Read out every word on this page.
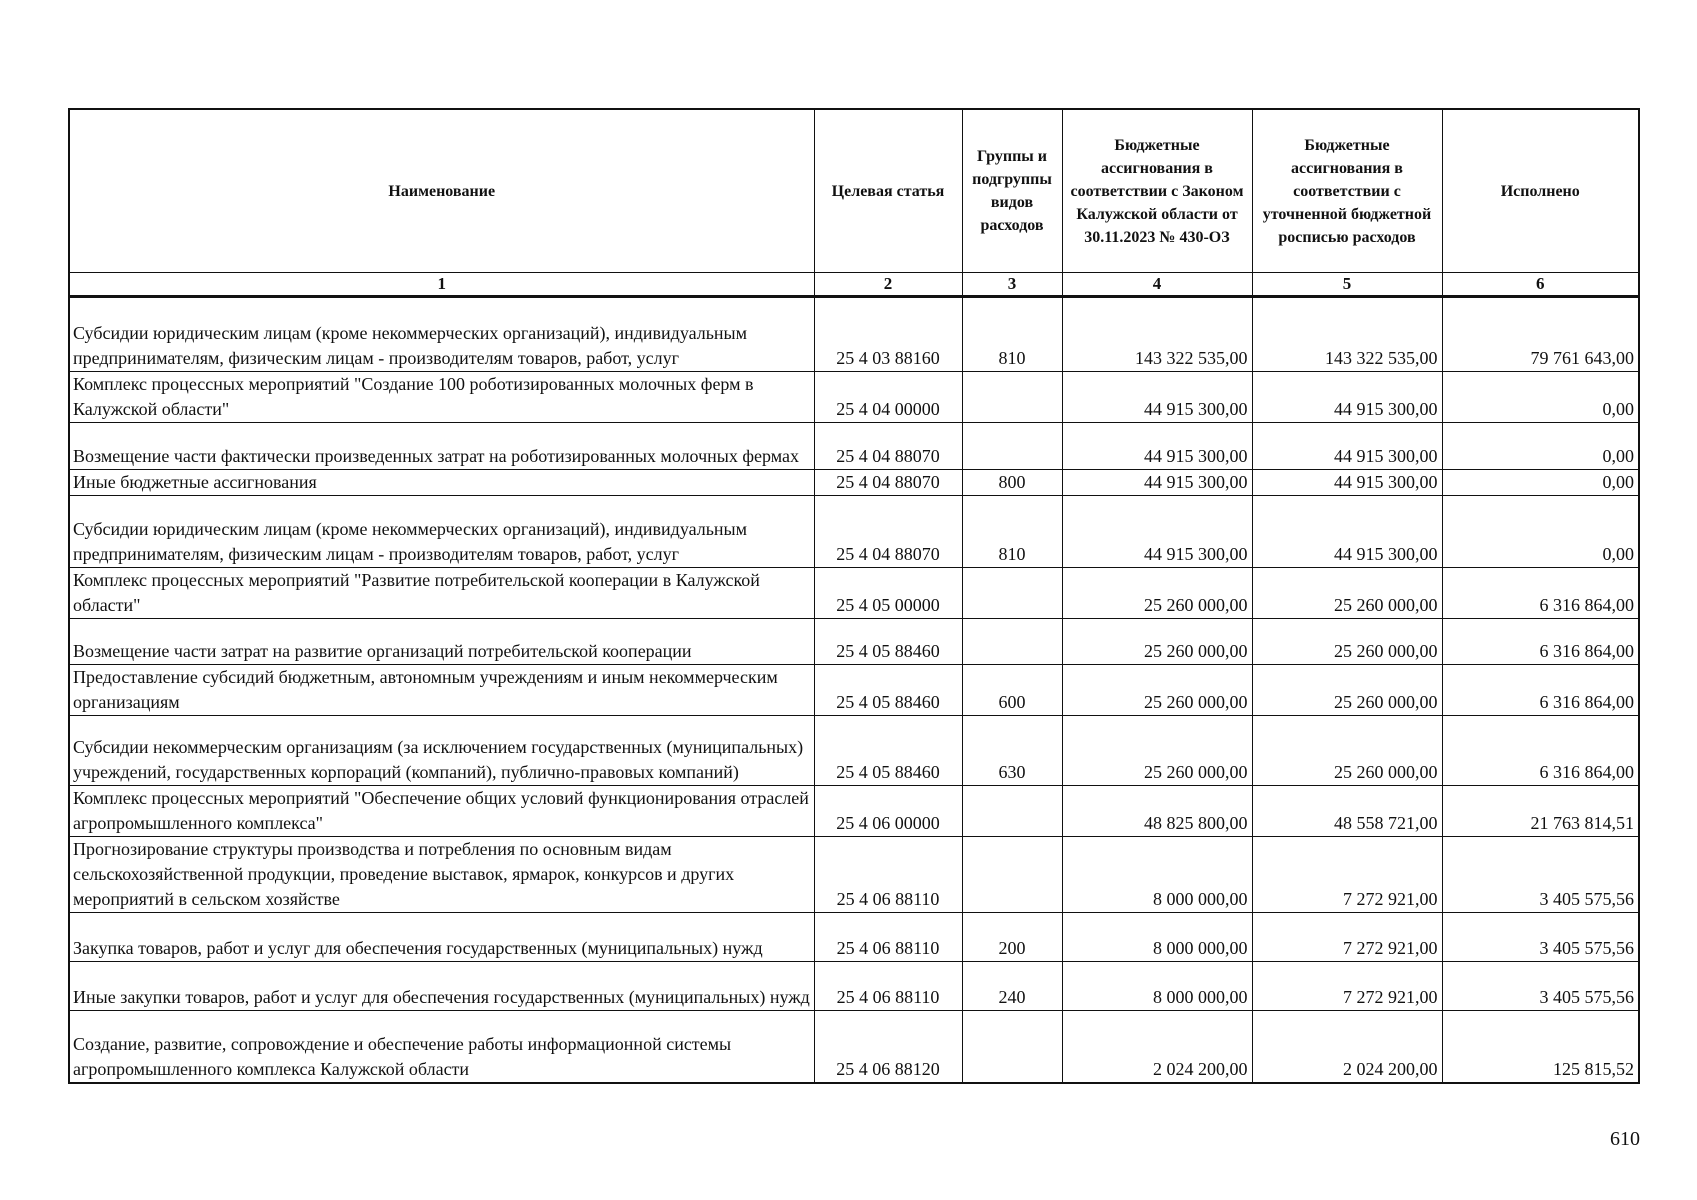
Наименование	Целевая статья	Группы и подгруппы видов расходов	Бюджетные ассигнования в соответствии с Законом Калужской области от 30.11.2023 № 430-ОЗ	Бюджетные ассигнования в соответствии с уточненной бюджетной росписью расходов	Исполнено
1	2	3	4	5	6
Субсидии юридическим лицам (кроме некоммерческих организаций), индивидуальным предпринимателям, физическим лицам - производителям товаров, работ, услуг	25 4 03 88160	810	143 322 535,00	143 322 535,00	79 761 643,00
Комплекс процессных мероприятий "Создание 100 роботизированных молочных ферм в Калужской области"	25 4 04 00000		44 915 300,00	44 915 300,00	0,00
Возмещение части фактически произведенных затрат на роботизированных молочных фермах	25 4 04 88070		44 915 300,00	44 915 300,00	0,00
Иные бюджетные ассигнования	25 4 04 88070	800	44 915 300,00	44 915 300,00	0,00
Субсидии юридическим лицам (кроме некоммерческих организаций), индивидуальным предпринимателям, физическим лицам - производителям товаров, работ, услуг	25 4 04 88070	810	44 915 300,00	44 915 300,00	0,00
Комплекс процессных мероприятий "Развитие потребительской кооперации в Калужской области"	25 4 05 00000		25 260 000,00	25 260 000,00	6 316 864,00
Возмещение части затрат на развитие организаций потребительской кооперации	25 4 05 88460		25 260 000,00	25 260 000,00	6 316 864,00
Предоставление субсидий бюджетным, автономным учреждениям и иным некоммерческим организациям	25 4 05 88460	600	25 260 000,00	25 260 000,00	6 316 864,00
Субсидии некоммерческим организациям (за исключением государственных (муниципальных) учреждений, государственных корпораций (компаний), публично-правовых компаний)	25 4 05 88460	630	25 260 000,00	25 260 000,00	6 316 864,00
Комплекс процессных мероприятий "Обеспечение общих условий функционирования отраслей агропромышленного комплекса"	25 4 06 00000		48 825 800,00	48 558 721,00	21 763 814,51
Прогнозирование структуры производства и потребления по основным видам сельскохозяйственной продукции, проведение выставок, ярмарок, конкурсов и других мероприятий в сельском хозяйстве	25 4 06 88110		8 000 000,00	7 272 921,00	3 405 575,56
Закупка товаров, работ и услуг для обеспечения государственных (муниципальных) нужд	25 4 06 88110	200	8 000 000,00	7 272 921,00	3 405 575,56
Иные закупки товаров, работ и услуг для обеспечения государственных (муниципальных) нужд	25 4 06 88110	240	8 000 000,00	7 272 921,00	3 405 575,56
Создание, развитие, сопровождение и обеспечение работы информационной системы агропромышленного комплекса Калужской области	25 4 06 88120		2 024 200,00	2 024 200,00	125 815,52
610
